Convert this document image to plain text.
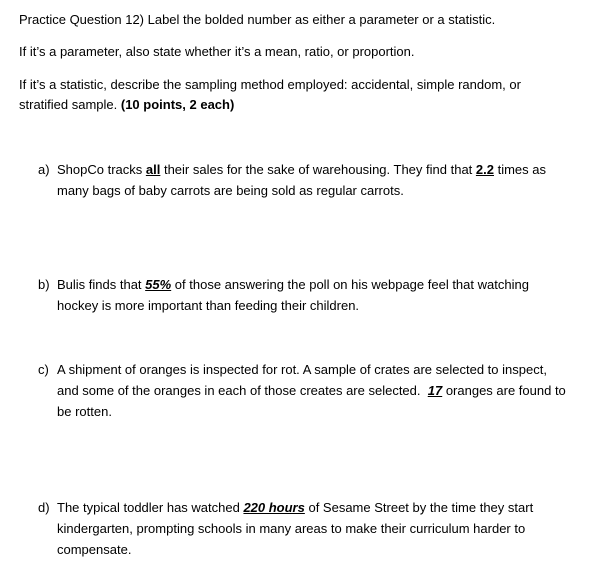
Practice Question 12) Label the bolded number as either a parameter or a statistic.
If it’s a parameter, also state whether it’s a mean, ratio, or proportion.
If it’s a statistic, describe the sampling method employed: accidental, simple random, or
stratified sample. (10 points, 2 each)
a) ShopCo tracks all their sales for the sake of warehousing. They find that 2.2 times as
many bags of baby carrots are being sold as regular carrots.
b) Bulis finds that 55% of those answering the poll on his webpage feel that watching
hockey is more important than feeding their children.
c) A shipment of oranges is inspected for rot. A sample of crates are selected to inspect,
and some of the oranges in each of those creates are selected.  17 oranges are found to
be rotten.
d) The typical toddler has watched 220 hours of Sesame Street by the time they start
kindergarten, prompting schools in many areas to make their curriculum harder to
compensate.
